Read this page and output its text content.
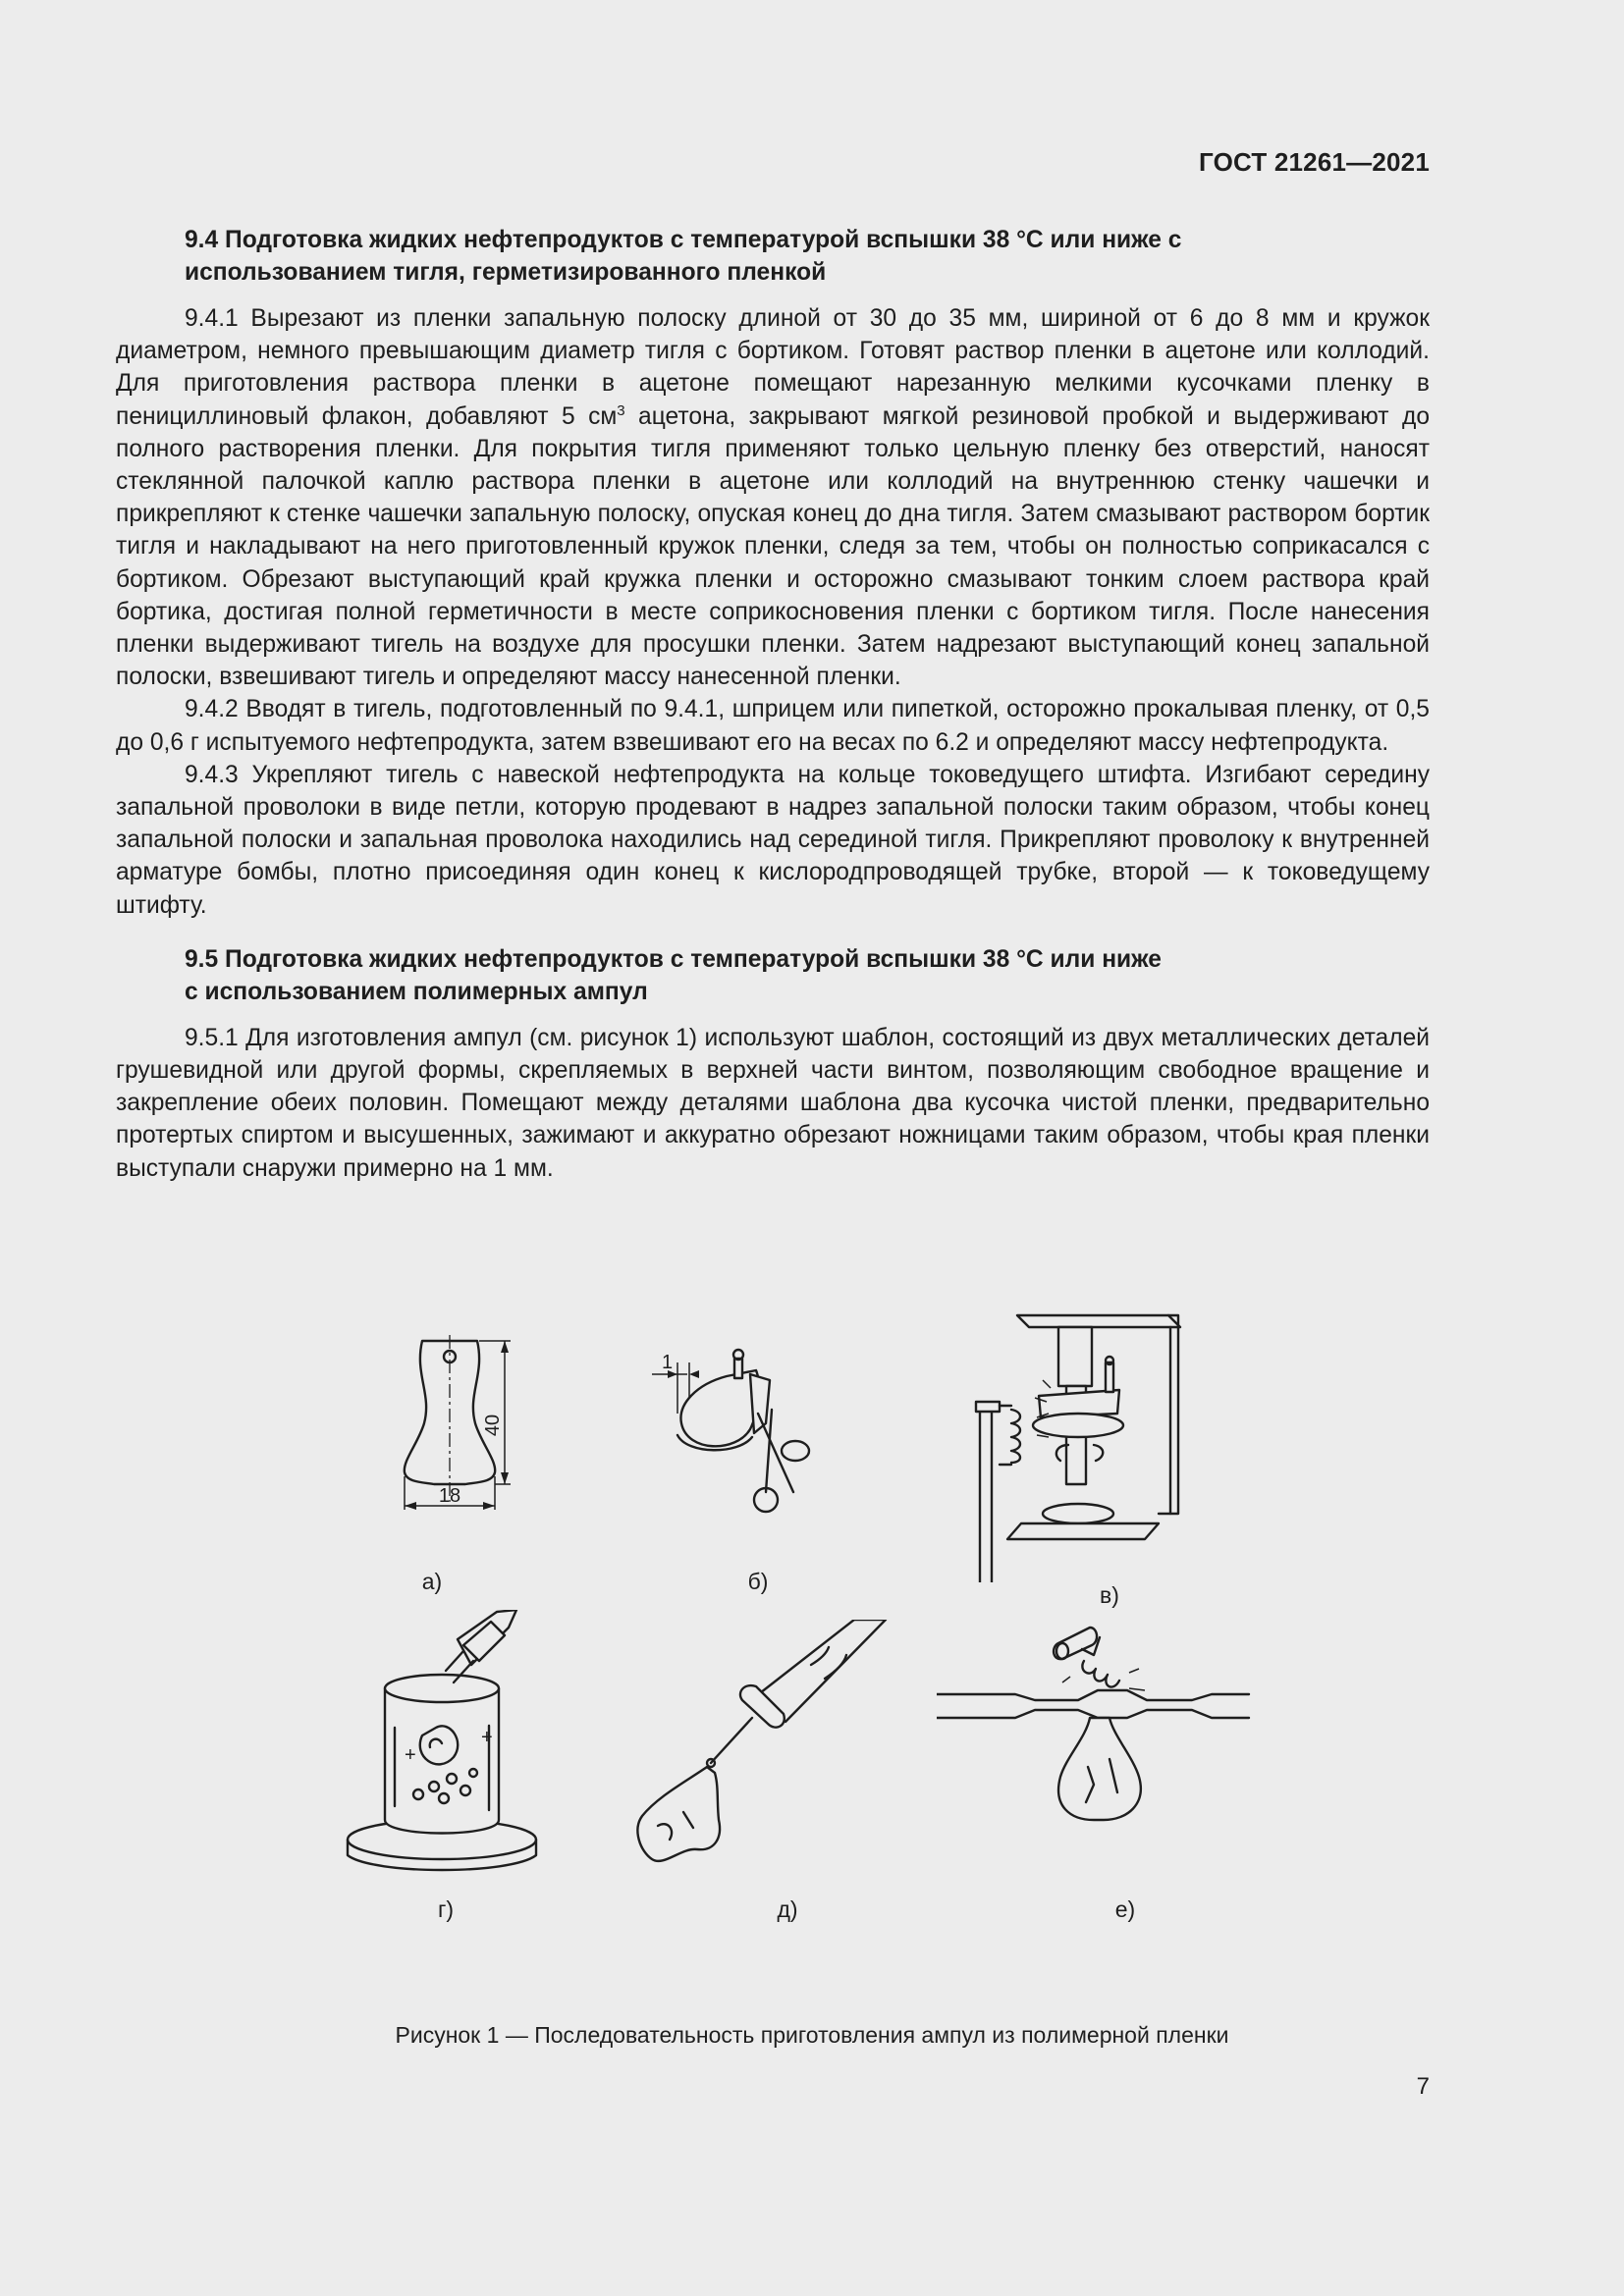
ГОСТ 21261—2021
9.4 Подготовка жидких нефтепродуктов с температурой вспышки 38 °С или ниже с
использованием тигля, герметизированного пленкой

9.4.1 Вырезают из пленки запальную полоску длиной от 30 до 35 мм, шириной от 6 до 8 мм и кружок диаметром, немного превышающим диаметр тигля с бортиком. Готовят раствор пленки в ацетоне или коллодий. Для приготовления раствора пленки в ацетоне помещают нарезанную мелкими кусочками пленку в пенициллиновый флакон, добавляют 5 $см^3$ ацетона, закрывают мягкой резиновой пробкой и выдерживают до полного растворения пленки. Для покрытия тигля применяют только цельную пленку без отверстий, наносят стеклянной палочкой каплю раствора пленки в ацетоне или коллодий на внутреннюю стенку чашечки и прикрепляют к стенке чашечки запальную полоску, опуская конец до дна тигля. Затем смазывают раствором бортик тигля и накладывают на него приготовленный кружок пленки, следя за тем, чтобы он полностью соприкасался с бортиком. Обрезают выступающий край кружка пленки и осторожно смазывают тонким слоем раствора край бортика, достигая полной герметичности в месте соприкосновения пленки с бортиком тигля. После нанесения пленки выдерживают тигель на воздухе для просушки пленки. Затем надрезают выступающий конец запальной полоски, взвешивают тигель и определяют массу нанесенной пленки.

9.4.2 Вводят в тигель, подготовленный по 9.4.1, шприцем или пипеткой, осторожно прокалывая пленку, от 0,5 до 0,6 г испытуемого нефтепродукта, затем взвешивают его на весах по 6.2 и определяют массу нефтепродукта.

9.4.3 Укрепляют тигель с навеской нефтепродукта на кольце токоведущего штифта. Изгибают середину запальной проволоки в виде петли, которую продевают в надрез запальной полоски таким образом, чтобы конец запальной полоски и запальная проволока находились над серединой тигля. Прикрепляют проволоку к внутренней арматуре бомбы, плотно присоединяя один конец к кислородпроводящей трубке, второй — к токоведущему штифту.

9.5 Подготовка жидких нефтепродуктов с температурой вспышки 38 °С или ниже
с использованием полимерных ампул

9.5.1 Для изготовления ампул (см. рисунок 1) используют шаблон, состоящий из двух металлических деталей грушевидной или другой формы, скрепляемых в верхней части винтом, позволяющим свободное вращение и закрепление обеих половин. Помещают между деталями шаблона два кусочка чистой пленки, предварительно протертых спиртом и высушенных, зажимают и аккуратно обрезают ножницами таким образом, чтобы края пленки выступали снаружи примерно на 1 мм.

40
18
а)
1
б)
в)
+
+
г)	д)	е)
Рисунок 1 — Последовательность приготовления ампул из полимерной пленки
7
